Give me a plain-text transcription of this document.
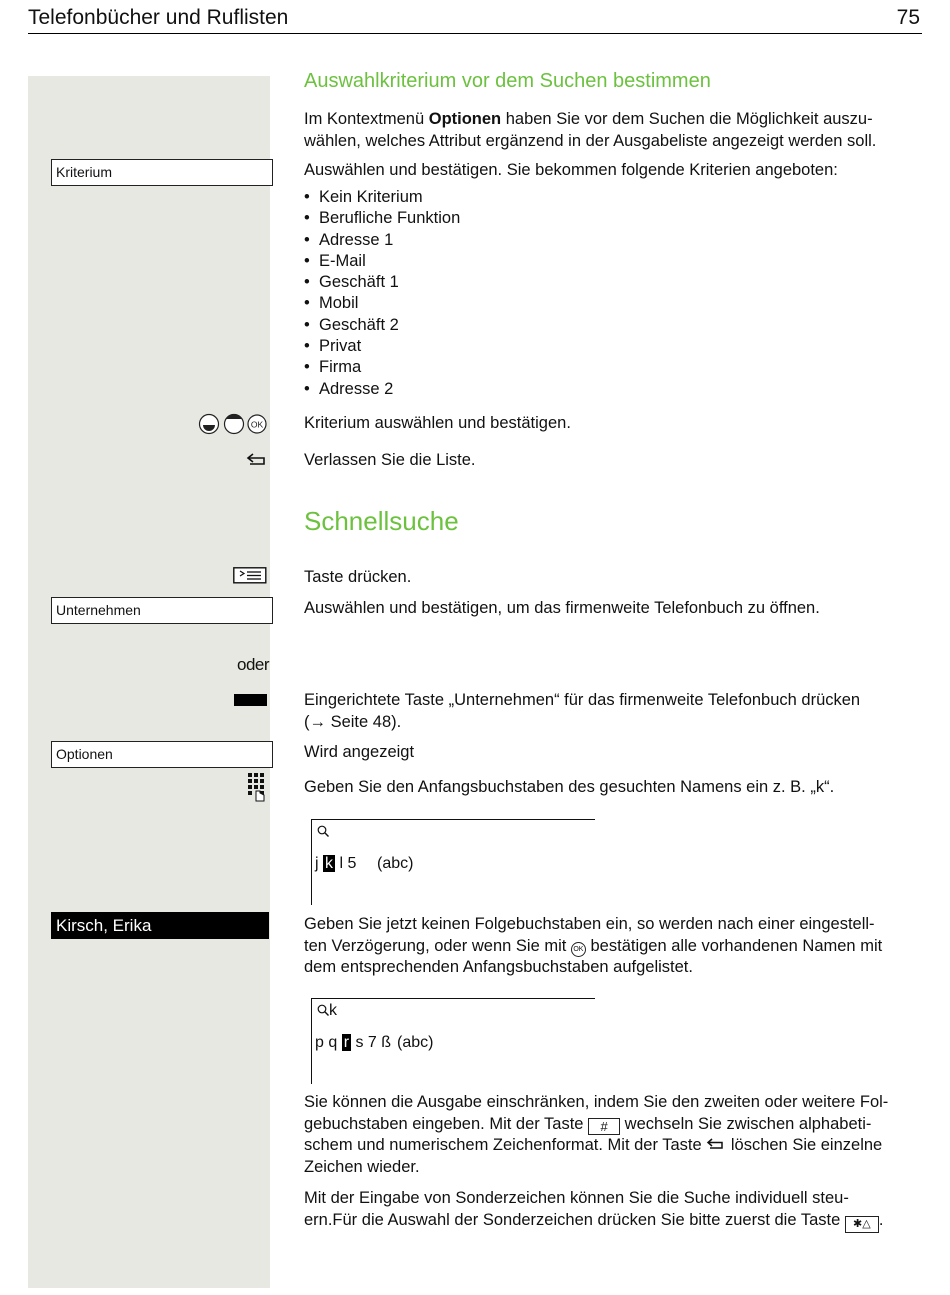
Telefonbücher und Ruflisten	75
Kriterium
OK
Unternehmen
oder
Optionen
Kirsch, Erika
Auswahlkriterium vor dem Suchen bestimmen
Im Kontextmenü Optionen haben Sie vor dem Suchen die Möglichkeit auszu-
wählen, welches Attribut ergänzend in der Ausgabeliste angezeigt werden soll.
Auswählen und bestätigen. Sie bekommen folgende Kriterien angeboten:
• Kein Kriterium
• Berufliche Funktion
• Adresse 1
• E-Mail
• Geschäft 1
• Mobil
• Geschäft 2
• Privat
• Firma
• Adresse 2
Kriterium auswählen und bestätigen.
Verlassen Sie die Liste.
Schnellsuche
Taste drücken.
Auswählen und bestätigen, um das firmenweite Telefonbuch zu öffnen.
Eingerichtete Taste „Unternehmen“ für das firmenweite Telefonbuch drücken
(→ Seite 48).
Wird angezeigt
Geben Sie den Anfangsbuchstaben des gesuchten Namens ein z. B. „k“.
j k l 5 (abc)
Geben Sie jetzt keinen Folgebuchstaben ein, so werden nach einer eingestell-
ten Verzögerung, oder wenn Sie mit OK bestätigen alle vorhandenen Namen mit
dem entsprechenden Anfangsbuchstaben aufgelistet.
k
p q r s 7 ß (abc)
Sie können die Ausgabe einschränken, indem Sie den zweiten oder weitere Fol-
gebuchstaben eingeben. Mit der Taste # wechseln Sie zwischen alphabeti-
schem und numerischem Zeichenformat. Mit der Taste  löschen Sie einzelne
Zeichen wieder.
Mit der Eingabe von Sonderzeichen können Sie die Suche individuell steu-
ern.Für die Auswahl der Sonderzeichen drücken Sie bitte zuerst die Taste ✱△ .
